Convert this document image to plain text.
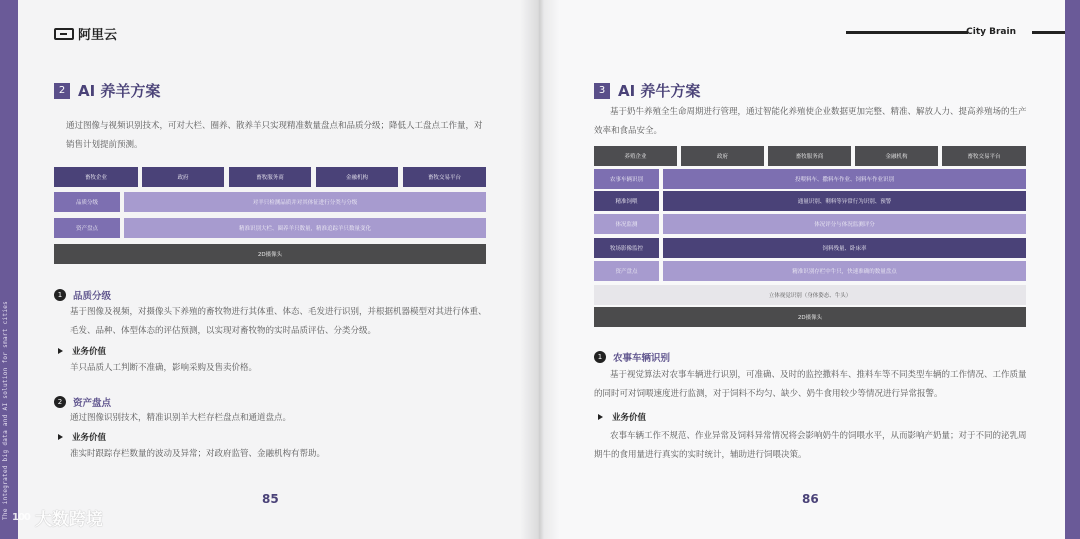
The integrated big data and AI solution for smart cities
阿里云
2 AI 养羊方案
通过图像与视频识别技术，可对大栏、圈养、散养羊只实现精准数量盘点和品质分级；降低人工盘点工作量，对销售计划提前预测。
畜牧企业	政府	畜牧服务商	金融机构	畜牧交易平台
品质分级	对羊只检测品质并对其体征进行分类与分级
资产盘点	精准识别大栏、圈养羊只数量，精准追踪羊只数量变化
2D摄像头
1	品质分级
基于图像及视频，对摄像头下养殖的畜牧物进行其体重、体态、毛发进行识别，并根据机器模型对其进行体重、毛发、品种、体型体态的评估预测，以实现对畜牧物的实时品质评估、分类分级。
业务价值
羊只品质人工判断不准确，影响采购及售卖价格。
2	资产盘点
通过图像识别技术，精准识别羊大栏存栏盘点和通道盘点。
业务价值
准实时跟踪存栏数量的波动及异常；对政府监管、金融机构有帮助。
85
City Brain
3 AI 养牛方案
基于奶牛养殖全生命周期进行管理，通过智能化养殖使企业数据更加完整、精准、解放人力、提高养殖场的生产效率和食品安全。
养殖企业	政府	畜牧服务商	金融机构	畜牧交易平台
农事车辆识别	投喂料车、撒料车作业、饲料车作业识别
精准饲喂	通量识别、剩料等异常行为识别、预警
体况监测	体况评分与体况监测评分
牧场影像监控	饲料残量、卧床率
资产盘点	精准识别存栏中牛只，快速准确的数量盘点
立体视觉识别（身体姿态、牛头）
2D摄像头
1	农事车辆识别
基于视觉算法对农事车辆进行识别，可准确、及时的监控撒料车、推料车等不同类型车辆的工作情况、工作质量的同时可对饲喂速度进行监测，对于饲料不均匀、缺少、奶牛食用较少等情况进行异常报警。
业务价值
农事车辆工作不规范、作业异常及饲料异常情况将会影响奶牛的饲喂水平，从而影响产奶量；对于不同的泌乳周期牛的食用量进行真实的实时统计，辅助进行饲喂决策。
86
100 大数跨境
